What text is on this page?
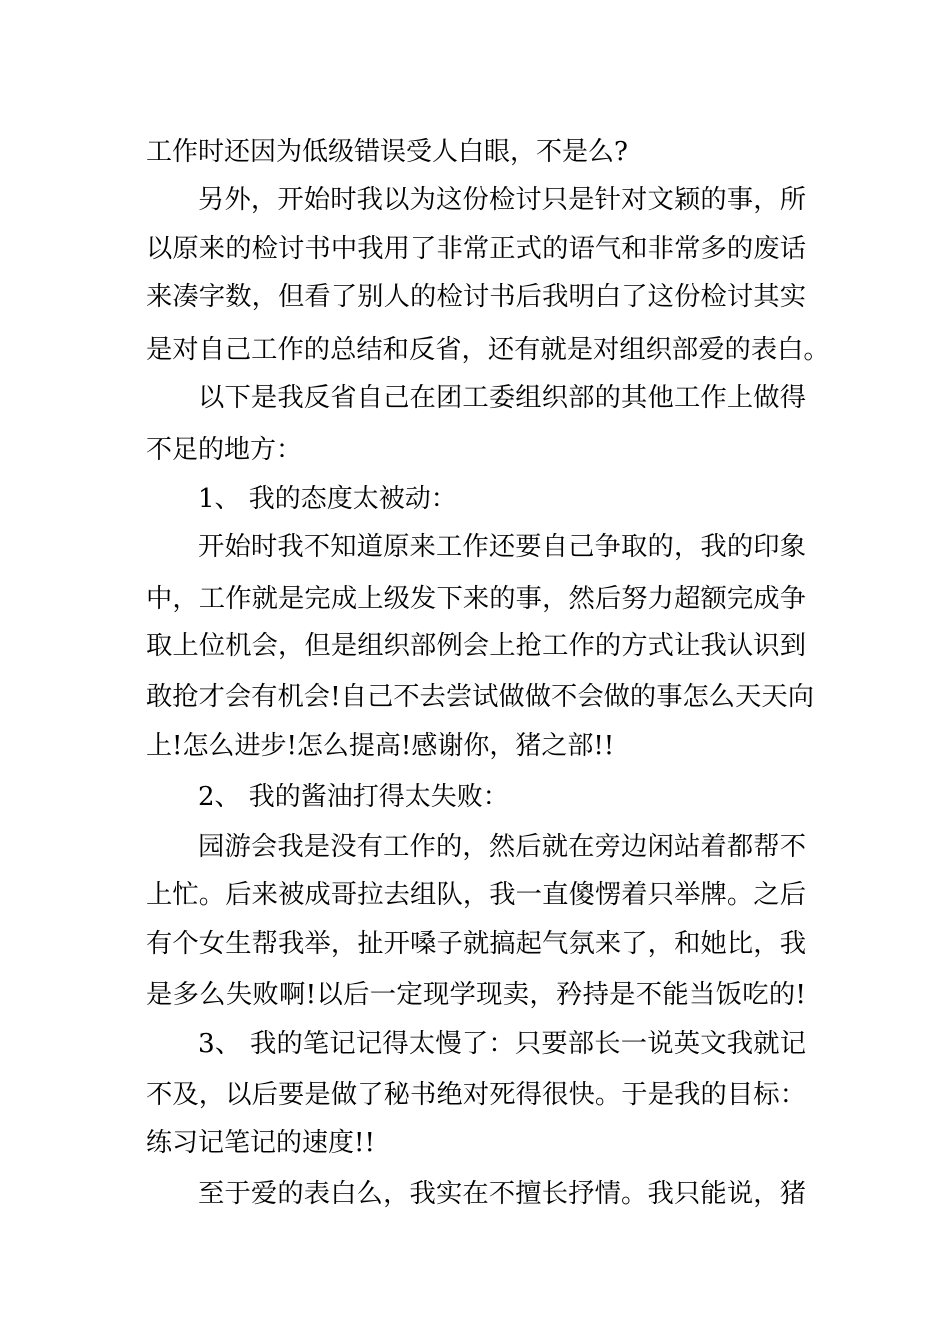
工作时还因为低级错误受人白眼，不是么?
另外，开始时我以为这份检讨只是针对文颖的事，所
以原来的检讨书中我用了非常正式的语气和非常多的废话
来凑字数，但看了别人的检讨书后我明白了这份检讨其实
是对自己工作的总结和反省，还有就是对组织部爱的表白。
以下是我反省自己在团工委组织部的其他工作上做得
不足的地方：
1、 我的态度太被动：
开始时我不知道原来工作还要自己争取的，我的印象
中，工作就是完成上级发下来的事，然后努力超额完成争
取上位机会，但是组织部例会上抢工作的方式让我认识到
敢抢才会有机会!自己不去尝试做做不会做的事怎么天天向
上!怎么进步!怎么提高!感谢你，猪之部!!
2、 我的酱油打得太失败：
园游会我是没有工作的，然后就在旁边闲站着都帮不
上忙。后来被成哥拉去组队，我一直傻愣着只举牌。之后
有个女生帮我举，扯开嗓子就搞起气氛来了，和她比，我
是多么失败啊!以后一定现学现卖，矜持是不能当饭吃的!
3、 我的笔记记得太慢了：只要部长一说英文我就记
不及，以后要是做了秘书绝对死得很快。于是我的目标：
练习记笔记的速度!!
至于爱的表白么，我实在不擅长抒情。我只能说，猪
